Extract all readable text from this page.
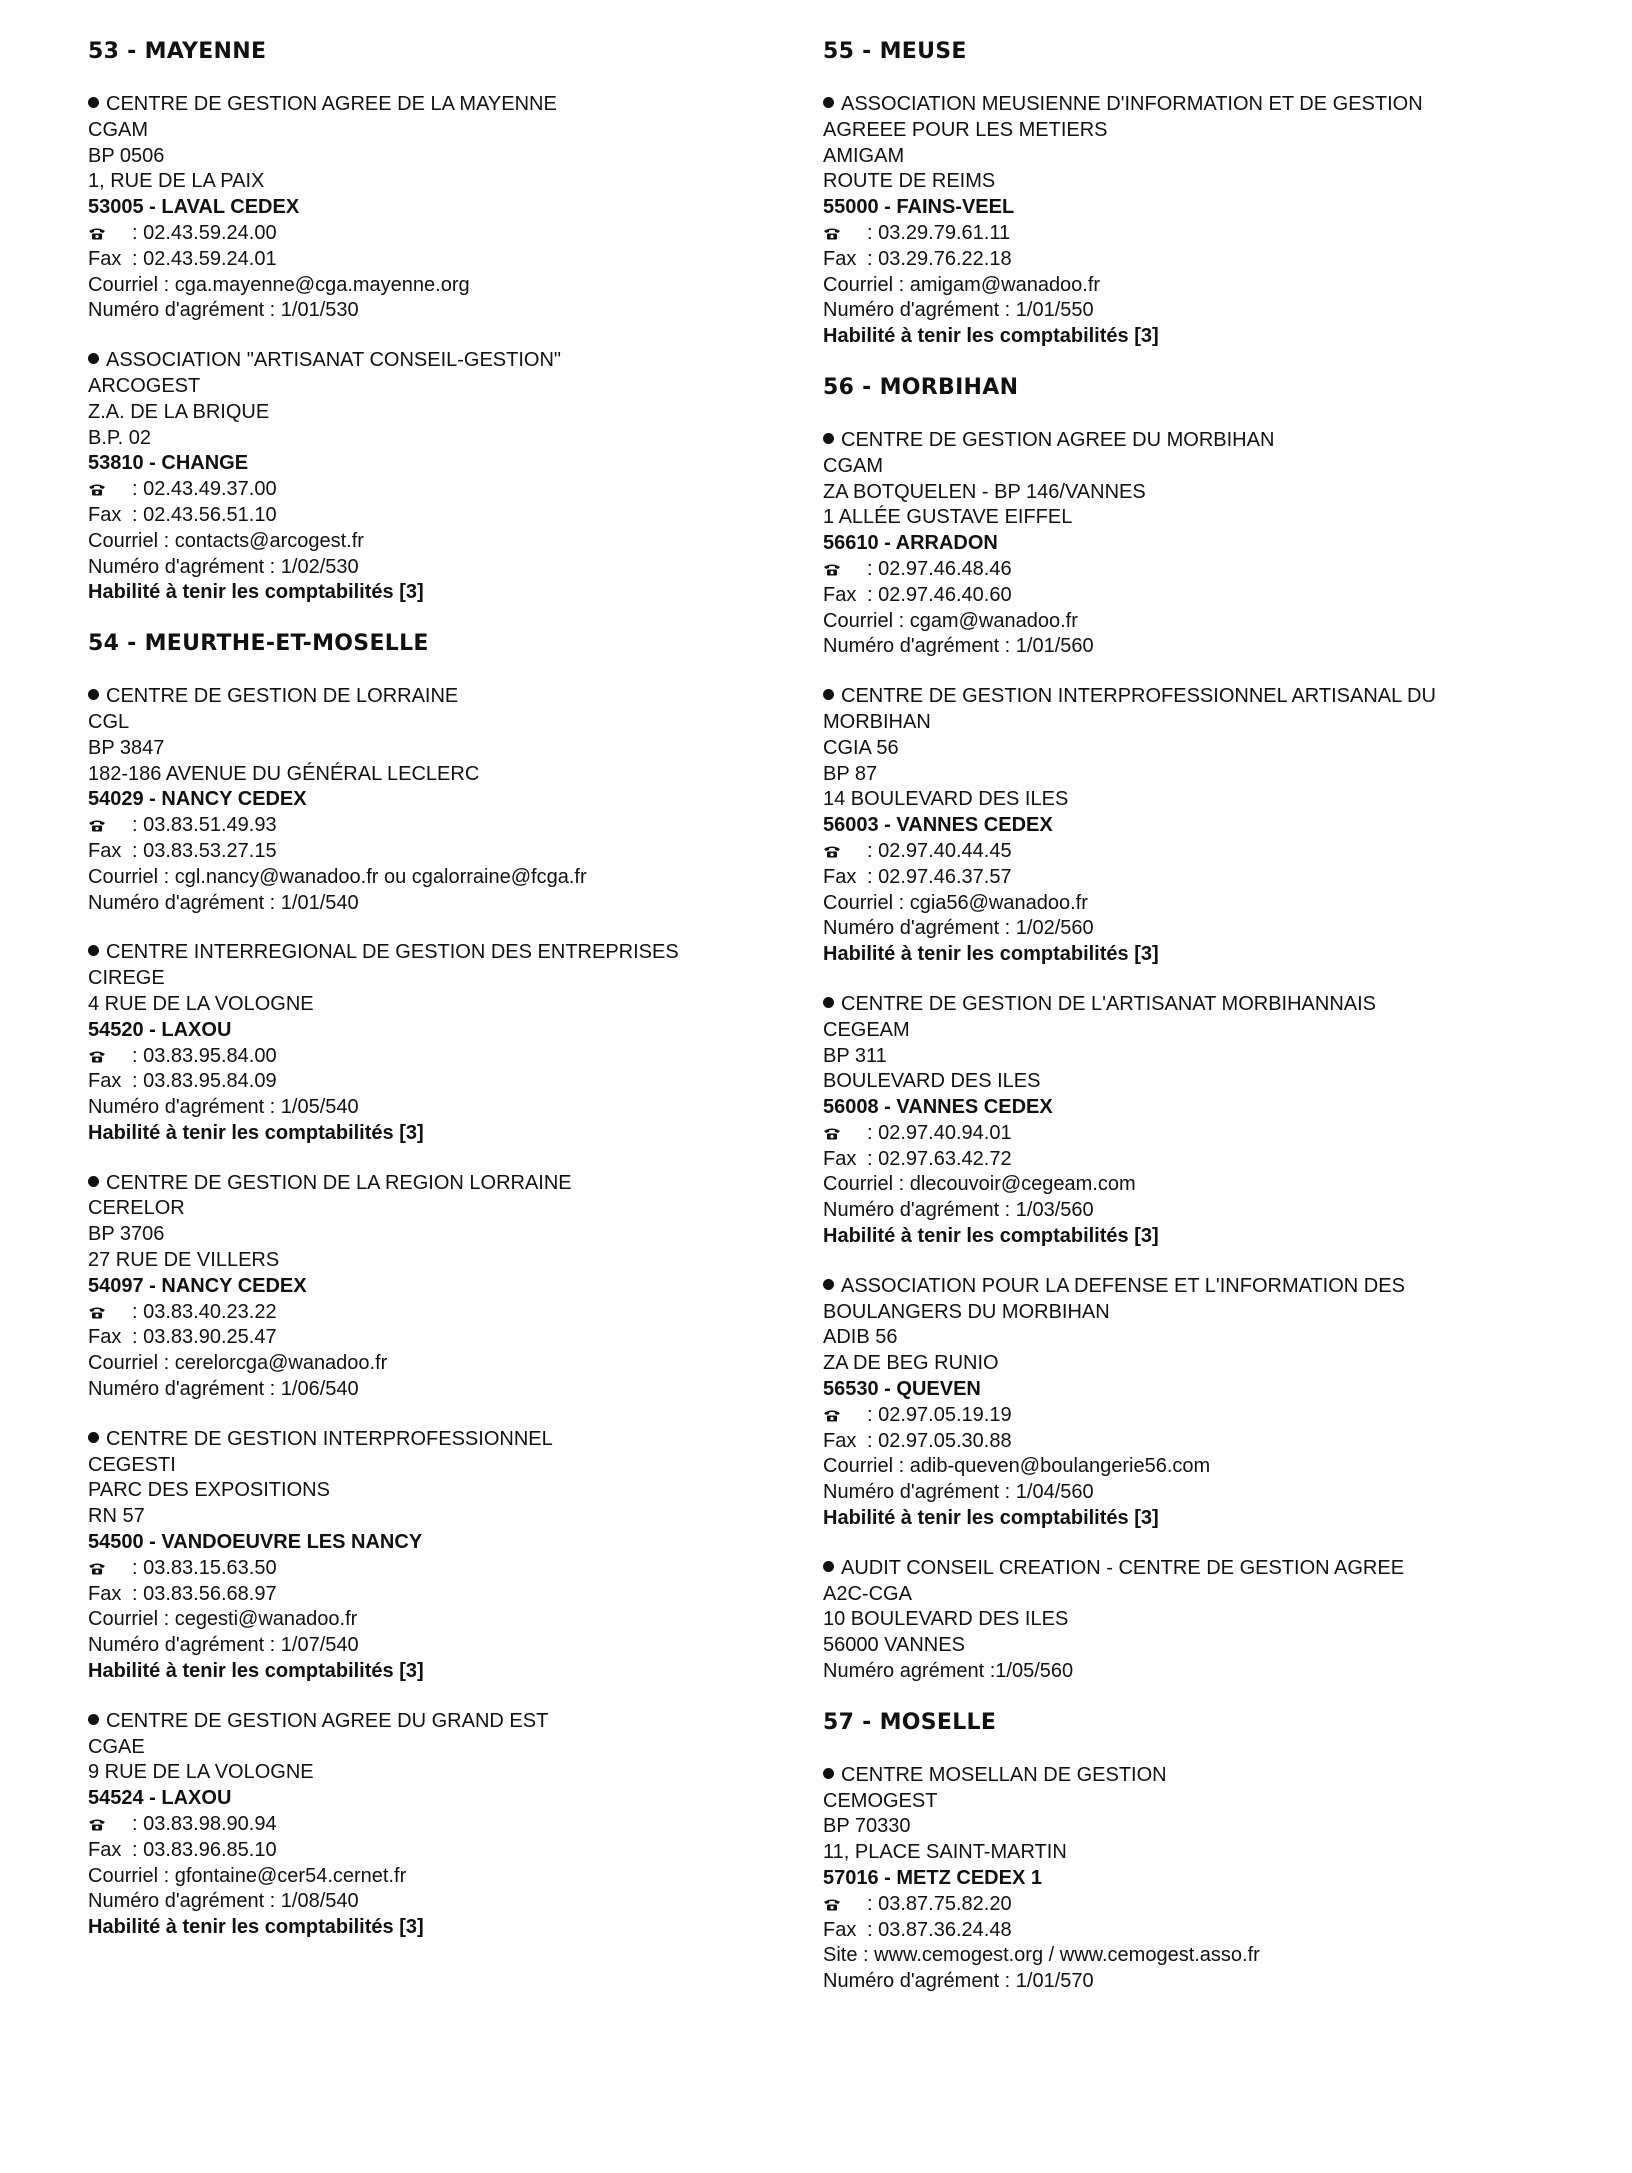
53 - MAYENNE
CENTRE DE GESTION AGREE DE LA MAYENNE
CGAM
BP 0506
1, RUE DE LA PAIX
53005 - LAVAL CEDEX
: 02.43.59.24.00
Fax : 02.43.59.24.01
Courriel : cga.mayenne@cga.mayenne.org
Numéro d'agrément : 1/01/530
ASSOCIATION "ARTISANAT CONSEIL-GESTION"
ARCOGEST
Z.A. DE LA BRIQUE
B.P. 02
53810 - CHANGE
: 02.43.49.37.00
Fax : 02.43.56.51.10
Courriel : contacts@arcogest.fr
Numéro d'agrément : 1/02/530
Habilité à tenir les comptabilités [3]
54 - MEURTHE-ET-MOSELLE
CENTRE DE GESTION DE LORRAINE
CGL
BP 3847
182-186 AVENUE DU GÉNÉRAL LECLERC
54029 - NANCY CEDEX
: 03.83.51.49.93
Fax : 03.83.53.27.15
Courriel : cgl.nancy@wanadoo.fr ou cgalorraine@fcga.fr
Numéro d'agrément : 1/01/540
CENTRE INTERREGIONAL DE GESTION DES ENTREPRISES
CIREGE
4 RUE DE LA VOLOGNE
54520 - LAXOU
: 03.83.95.84.00
Fax : 03.83.95.84.09
Numéro d'agrément : 1/05/540
Habilité à tenir les comptabilités [3]
CENTRE DE GESTION DE LA REGION LORRAINE
CERELOR
BP 3706
27 RUE DE VILLERS
54097 - NANCY CEDEX
: 03.83.40.23.22
Fax : 03.83.90.25.47
Courriel : cerelorcga@wanadoo.fr
Numéro d'agrément : 1/06/540
CENTRE DE GESTION INTERPROFESSIONNEL
CEGESTI
PARC DES EXPOSITIONS
RN 57
54500 - VANDOEUVRE LES NANCY
: 03.83.15.63.50
Fax : 03.83.56.68.97
Courriel : cegesti@wanadoo.fr
Numéro d'agrément : 1/07/540
Habilité à tenir les comptabilités [3]
CENTRE DE GESTION AGREE DU GRAND EST
CGAE
9 RUE DE LA VOLOGNE
54524 - LAXOU
: 03.83.98.90.94
Fax : 03.83.96.85.10
Courriel : gfontaine@cer54.cernet.fr
Numéro d'agrément : 1/08/540
Habilité à tenir les comptabilités [3]
55 - MEUSE
ASSOCIATION MEUSIENNE D'INFORMATION ET DE GESTION
AGREEE POUR LES METIERS
AMIGAM
ROUTE DE REIMS
55000 - FAINS-VEEL
: 03.29.79.61.11
Fax : 03.29.76.22.18
Courriel : amigam@wanadoo.fr
Numéro d'agrément : 1/01/550
Habilité à tenir les comptabilités [3]
56 - MORBIHAN
CENTRE DE GESTION AGREE DU MORBIHAN
CGAM
ZA BOTQUELEN - BP 146/VANNES
1 ALLÉE GUSTAVE EIFFEL
56610 - ARRADON
: 02.97.46.48.46
Fax : 02.97.46.40.60
Courriel : cgam@wanadoo.fr
Numéro d'agrément : 1/01/560
CENTRE DE GESTION INTERPROFESSIONNEL ARTISANAL DU
MORBIHAN
CGIA 56
BP 87
14 BOULEVARD DES ILES
56003 - VANNES CEDEX
: 02.97.40.44.45
Fax : 02.97.46.37.57
Courriel : cgia56@wanadoo.fr
Numéro d'agrément : 1/02/560
Habilité à tenir les comptabilités [3]
CENTRE DE GESTION DE L'ARTISANAT MORBIHANNAIS
CEGEAM
BP 311
BOULEVARD DES ILES
56008 - VANNES CEDEX
: 02.97.40.94.01
Fax : 02.97.63.42.72
Courriel : dlecouvoir@cegeam.com
Numéro d'agrément : 1/03/560
Habilité à tenir les comptabilités [3]
ASSOCIATION POUR LA DEFENSE ET L'INFORMATION DES
BOULANGERS DU MORBIHAN
ADIB 56
ZA DE BEG RUNIO
56530 - QUEVEN
: 02.97.05.19.19
Fax : 02.97.05.30.88
Courriel : adib-queven@boulangerie56.com
Numéro d'agrément : 1/04/560
Habilité à tenir les comptabilités [3]
AUDIT CONSEIL CREATION - CENTRE DE GESTION AGREE
A2C-CGA
10 BOULEVARD DES ILES
56000 VANNES
Numéro agrément :1/05/560
57 - MOSELLE
CENTRE MOSELLAN DE GESTION
CEMOGEST
BP 70330
11, PLACE SAINT-MARTIN
57016 - METZ CEDEX 1
: 03.87.75.82.20
Fax : 03.87.36.24.48
Site : www.cemogest.org / www.cemogest.asso.fr
Numéro d'agrément : 1/01/570
